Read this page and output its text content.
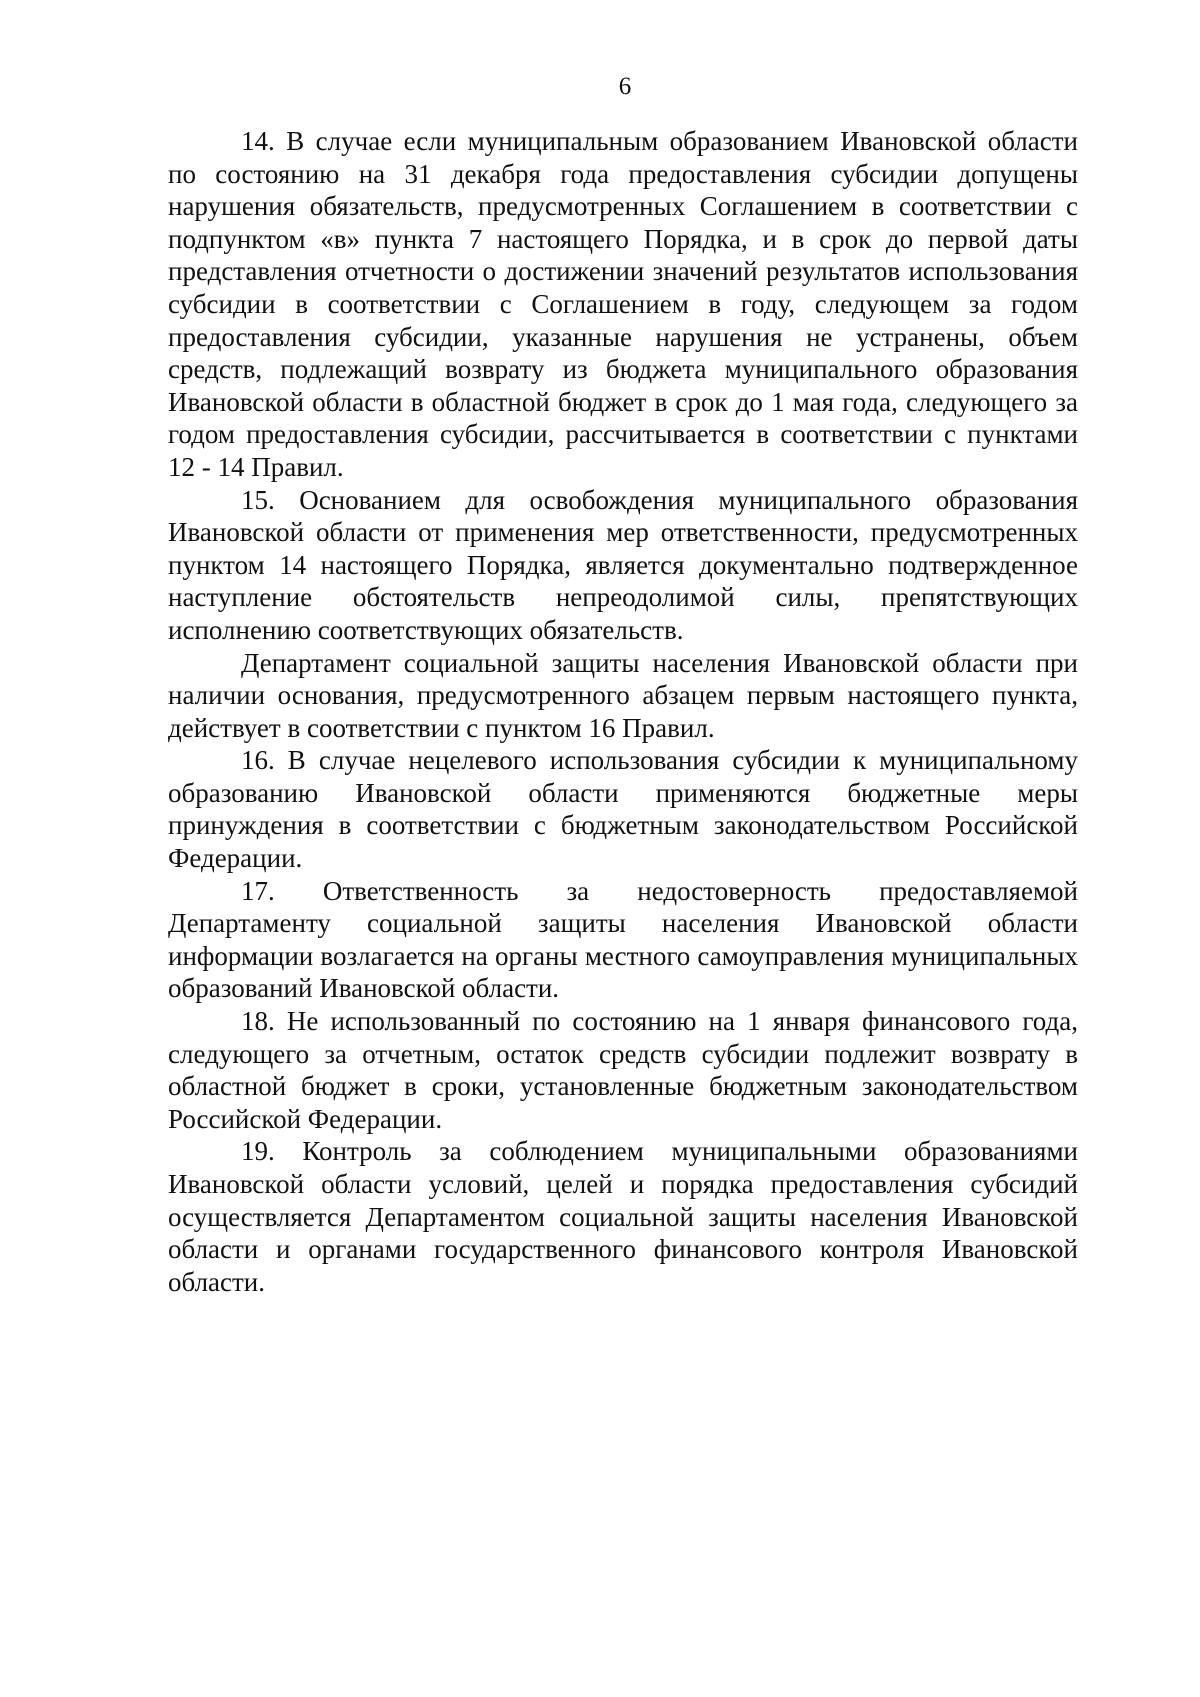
6

14. В случае если муниципальным образованием Ивановской области по состоянию на 31 декабря года предоставления субсидии допущены нарушения обязательств, предусмотренных Соглашением в соответствии с подпунктом «в» пункта 7 настоящего Порядка, и в срок до первой даты представления отчетности о достижении значений результатов использования субсидии в соответствии с Соглашением в году, следующем за годом предоставления субсидии, указанные нарушения не устранены, объем средств, подлежащий возврату из бюджета муниципального образования Ивановской области в областной бюджет в срок до 1 мая года, следующего за годом предоставления субсидии, рассчитывается в соответствии с пунктами 12 - 14 Правил.

15. Основанием для освобождения муниципального образования Ивановской области от применения мер ответственности, предусмотренных пунктом 14 настоящего Порядка, является документально подтвержденное наступление обстоятельств непреодолимой силы, препятствующих исполнению соответствующих обязательств.

Департамент социальной защиты населения Ивановской области при наличии основания, предусмотренного абзацем первым настоящего пункта, действует в соответствии с пунктом 16 Правил.

16. В случае нецелевого использования субсидии к муниципальному образованию Ивановской области применяются бюджетные меры принуждения в соответствии с бюджетным законодательством Российской Федерации.

17. Ответственность за недостоверность предоставляемой Департаменту социальной защиты населения Ивановской области информации возлагается на органы местного самоуправления муниципальных образований Ивановской области.

18. Не использованный по состоянию на 1 января финансового года, следующего за отчетным, остаток средств субсидии подлежит возврату в областной бюджет в сроки, установленные бюджетным законодательством Российской Федерации.

19. Контроль за соблюдением муниципальными образованиями Ивановской области условий, целей и порядка предоставления субсидий осуществляется Департаментом социальной защиты населения Ивановской области и органами государственного финансового контроля Ивановской области.
